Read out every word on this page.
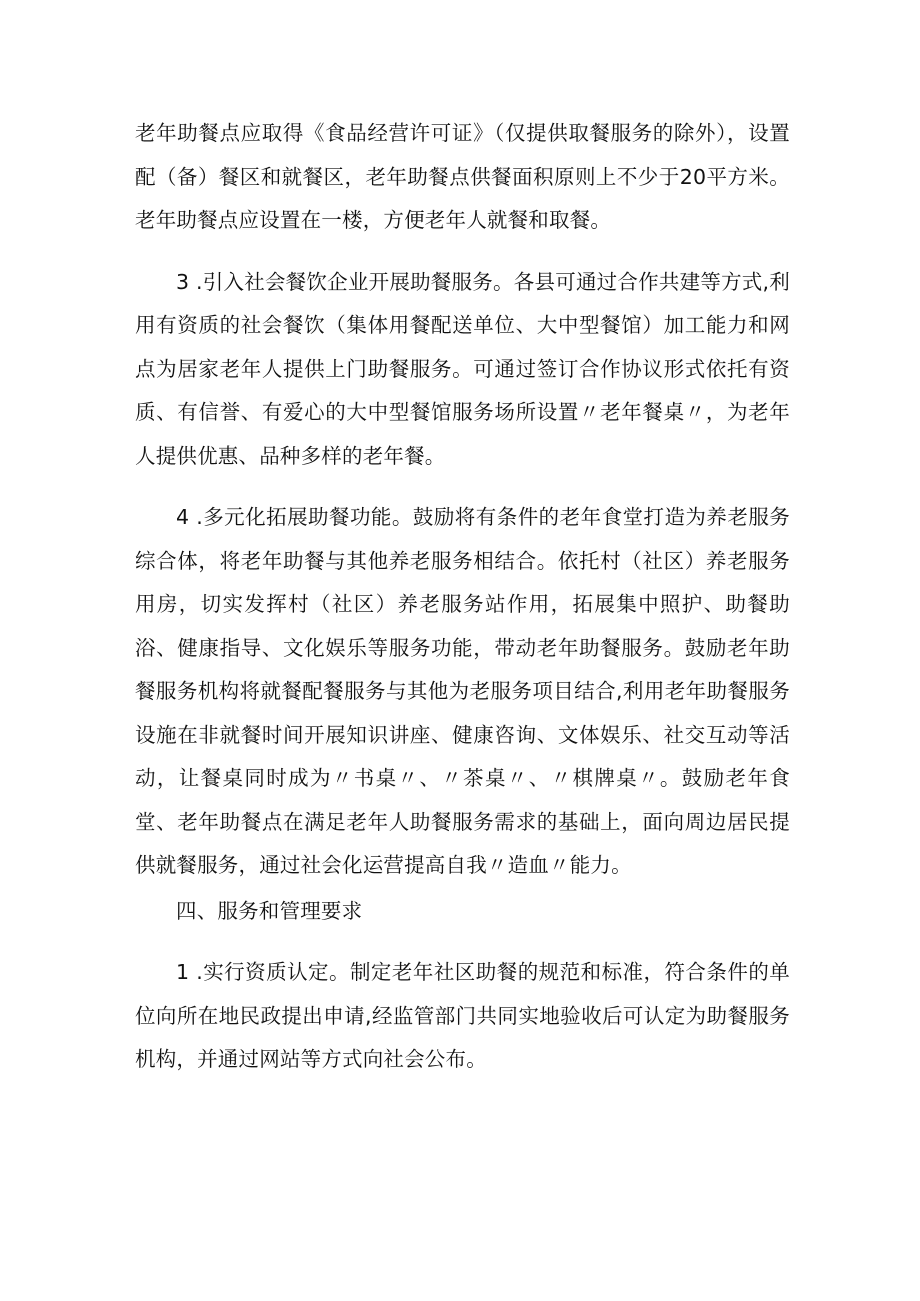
老年助餐点应取得《食品经营许可证》（仅提供取餐服务的除外），设置配（备）餐区和就餐区，老年助餐点供餐面积原则上不少于20平方米。老年助餐点应设置在一楼，方便老年人就餐和取餐。

3 .引入社会餐饮企业开展助餐服务。各县可通过合作共建等方式,利用有资质的社会餐饮（集体用餐配送单位、大中型餐馆）加工能力和网点为居家老年人提供上门助餐服务。可通过签订合作协议形式依托有资质、有信誉、有爱心的大中型餐馆服务场所设置〃老年餐桌〃，为老年人提供优惠、品种多样的老年餐。

4 .多元化拓展助餐功能。鼓励将有条件的老年食堂打造为养老服务综合体，将老年助餐与其他养老服务相结合。依托村（社区）养老服务用房，切实发挥村（社区）养老服务站作用，拓展集中照护、助餐助浴、健康指导、文化娱乐等服务功能，带动老年助餐服务。鼓励老年助餐服务机构将就餐配餐服务与其他为老服务项目结合,利用老年助餐服务设施在非就餐时间开展知识讲座、健康咨询、文体娱乐、社交互动等活动，让餐桌同时成为〃书桌〃、〃茶桌〃、〃棋牌桌〃。鼓励老年食堂、老年助餐点在满足老年人助餐服务需求的基础上，面向周边居民提供就餐服务，通过社会化运营提高自我〃造血〃能力。

四、服务和管理要求

1 .实行资质认定。制定老年社区助餐的规范和标准，符合条件的单位向所在地民政提出申请,经监管部门共同实地验收后可认定为助餐服务机构，并通过网站等方式向社会公布。
